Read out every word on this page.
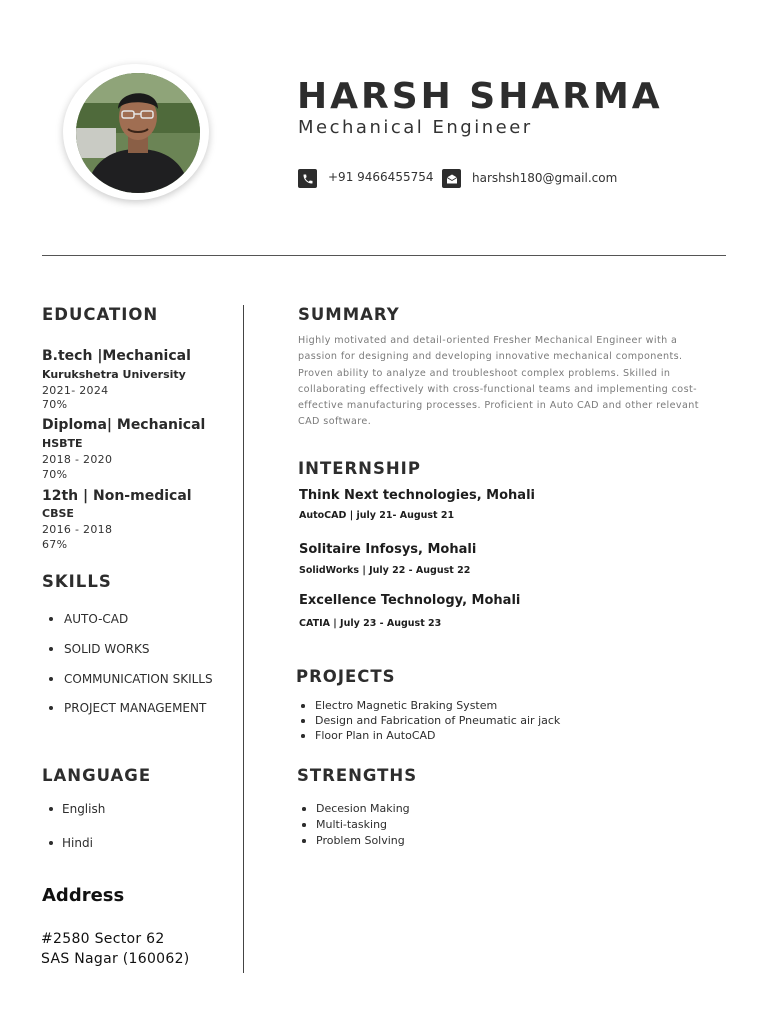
HARSH SHARMA
Mechanical Engineer
+91 9466455754	harshsh180@gmail.com
EDUCATION
B.tech |Mechanical
Kurukshetra University
2021- 2024
70%
Diploma| Mechanical
HSBTE
2018 - 2020
70%
12th | Non-medical
CBSE
2016 - 2018
67%
SKILLS
AUTO-CAD
SOLID WORKS
COMMUNICATION SKILLS
PROJECT MANAGEMENT
LANGUAGE
English
Hindi
Address
#2580 Sector 62
SAS Nagar (160062)
SUMMARY
Highly motivated and detail-oriented Fresher Mechanical Engineer with a passion for designing and developing innovative mechanical components. Proven ability to analyze and troubleshoot complex problems. Skilled in collaborating effectively with cross-functional teams and implementing cost-effective manufacturing processes. Proficient in Auto CAD and other relevant CAD software.
INTERNSHIP
Think Next technologies, Mohali
AutoCAD | july 21- August 21
Solitaire Infosys, Mohali
SolidWorks | July 22 - August 22
Excellence Technology, Mohali
CATIA | July 23 - August 23
PROJECTS
Electro Magnetic Braking System
Design and Fabrication of Pneumatic air jack
Floor Plan in AutoCAD
STRENGTHS
Decesion Making
Multi-tasking
Problem Solving
